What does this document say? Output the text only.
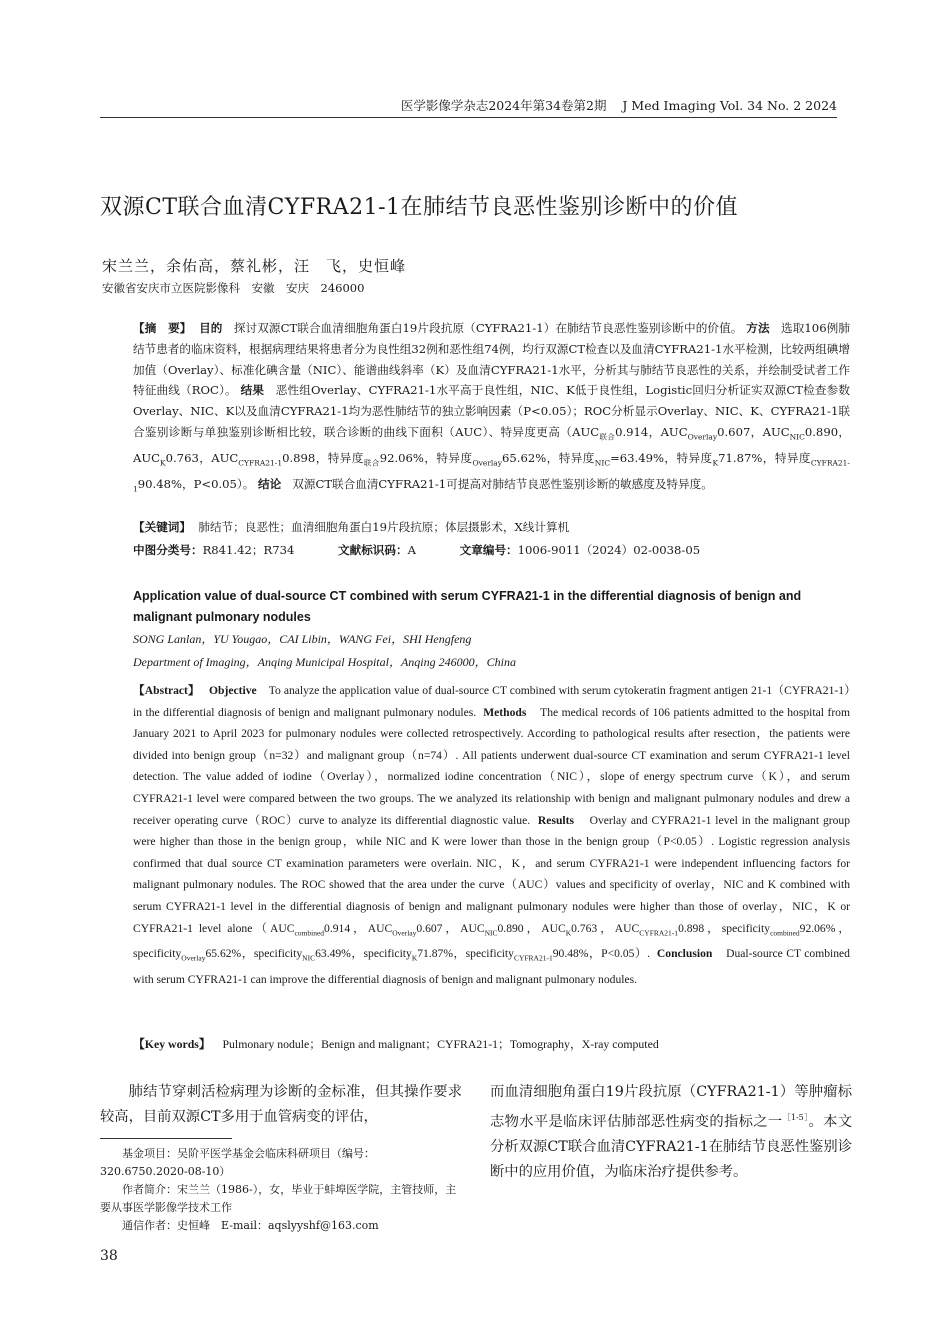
医学影像学杂志2024年第34卷第2期 J Med Imaging Vol. 34 No. 2 2024
双源CT联合血清CYFRA21-1在肺结节良恶性鉴别诊断中的价值
宋兰兰，余佑高，蔡礼彬，汪　飞，史恒峰
安徽省安庆市立医院影像科　安徽　安庆　246000
【摘　要】 目的 探讨双源CT联合血清细胞角蛋白19片段抗原（CYFRA21-1）在肺结节良恶性鉴别诊断中的价值。 方法 选取106例肺结节患者的临床资料，根据病理结果将患者分为良性组32例和恶性组74例，均行双源CT检查以及血清CYFRA21-1水平检测，比较两组碘增加值（Overlay）、标准化碘含量（NIC）、能谱曲线斜率（K）及血清CYFRA21-1水平，分析其与肺结节良恶性的关系，并绘制受试者工作特征曲线（ROC）。 结果 恶性组Overlay、CYFRA21-1水平高于良性组，NIC、K低于良性组，Logistic回归分析证实双源CT检查参数Overlay、NIC、K以及血清CYFRA21-1均为恶性肺结节的独立影响因素（P<0.05）；ROC分析显示Overlay、NIC、K、CYFRA21-1联合鉴别诊断与单独鉴别诊断相比较，联合诊断的曲线下面积（AUC）、特异度更高（$AUC_{联合}0.914$，$AUC_{Overlay}0.607$，$AUC_{NIC}0.890$，$AUC_K0.763$，$AUC_{CYFRA21-1}0.898$，特异度$_{联合}$92.06%，特异度$_{Overlay}$65.62%，特异度$_{NIC}$=63.49%，特异度$_K$71.87%，特异度$_{CYFRA21-1}$90.48%，P<0.05）。 结论 双源CT联合血清CYFRA21-1可提高对肺结节良恶性鉴别诊断的敏感度及特异度。
【关键词】 肺结节；良恶性；血清细胞角蛋白19片段抗原；体层摄影术，X线计算机
中图分类号：R841.42；R734	文献标识码：A	文章编号：1006-9011（2024）02-0038-05
Application value of dual-source CT combined with serum CYFRA21-1 in the differential diagnosis of benign and malignant pulmonary nodules
SONG Lanlan，YU Yougao，CAI Libin，WANG Fei，SHI Hengfeng
Department of Imaging，Anqing Municipal Hospital，Anqing 246000，China
【Abstract】 Objective To analyze the application value of dual-source CT combined with serum cytokeratin fragment antigen 21-1（CYFRA21-1）in the differential diagnosis of benign and malignant pulmonary nodules. Methods The medical records of 106 patients admitted to the hospital from January 2021 to April 2023 for pulmonary nodules were collected retrospectively. According to pathological results after resection，the patients were divided into benign group（n=32）and malignant group（n=74）. All patients underwent dual-source CT examination and serum CYFRA21-1 level detection. The value added of iodine（Overlay），normalized iodine concentration（NIC），slope of energy spectrum curve（K），and serum CYFRA21-1 level were compared between the two groups. The we analyzed its relationship with benign and malignant pulmonary nodules and drew a receiver operating curve（ROC）curve to analyze its differential diagnostic value. Results Overlay and CYFRA21-1 level in the malignant group were higher than those in the benign group，while NIC and K were lower than those in the benign group（P<0.05）. Logistic regression analysis confirmed that dual source CT examination parameters were overlain. NIC，K，and serum CYFRA21-1 were independent influencing factors for malignant pulmonary nodules. The ROC showed that the area under the curve（AUC）values and specificity of overlay，NIC and K combined with serum CYFRA21-1 level in the differential diagnosis of benign and malignant pulmonary nodules were higher than those of overlay，NIC，K or CYFRA21-1 level $alone(AUC_{combined}0.914$，$AUC_{Overlay}0.607$，$AUC_{NIC}0.890$，$AUC_K0.763$，$AUC_{CYFRA21-1}0.898$，specificity$_{combined}$92.06%，specificity$_{Overlay}$65.62%，specificity$_{NIC}$63.49%，specificity$_K$71.87%，specificity$_{CYFRA21-1}$90.48%，P<0.05）. Conclusion Dual-source CT combined with serum CYFRA21-1 can improve the differential diagnosis of benign and malignant pulmonary nodules.
【Key words】 Pulmonary nodule；Benign and malignant；CYFRA21-1；Tomography，X-ray computed
肺结节穿刺活检病理为诊断的金标准，但其操作要求较高，目前双源CT多用于血管病变的评估，
而血清细胞角蛋白19片段抗原（CYFRA21-1）等肿瘤标志物水平是临床评估肺部恶性病变的指标之一$^{[1-5]}$。本文分析双源CT联合血清CYFRA21-1在肺结节良恶性鉴别诊断中的应用价值，为临床治疗提供参考。

基金项目：吴阶平医学基金会临床科研项目（编号：320.6750.2020-08-10）

作者简介：宋兰兰（1986-），女，毕业于蚌埠医学院，主管技师，主要从事医学影像学技术工作

通信作者：史恒峰　E-mail：aqslyyshf@163.com

38
